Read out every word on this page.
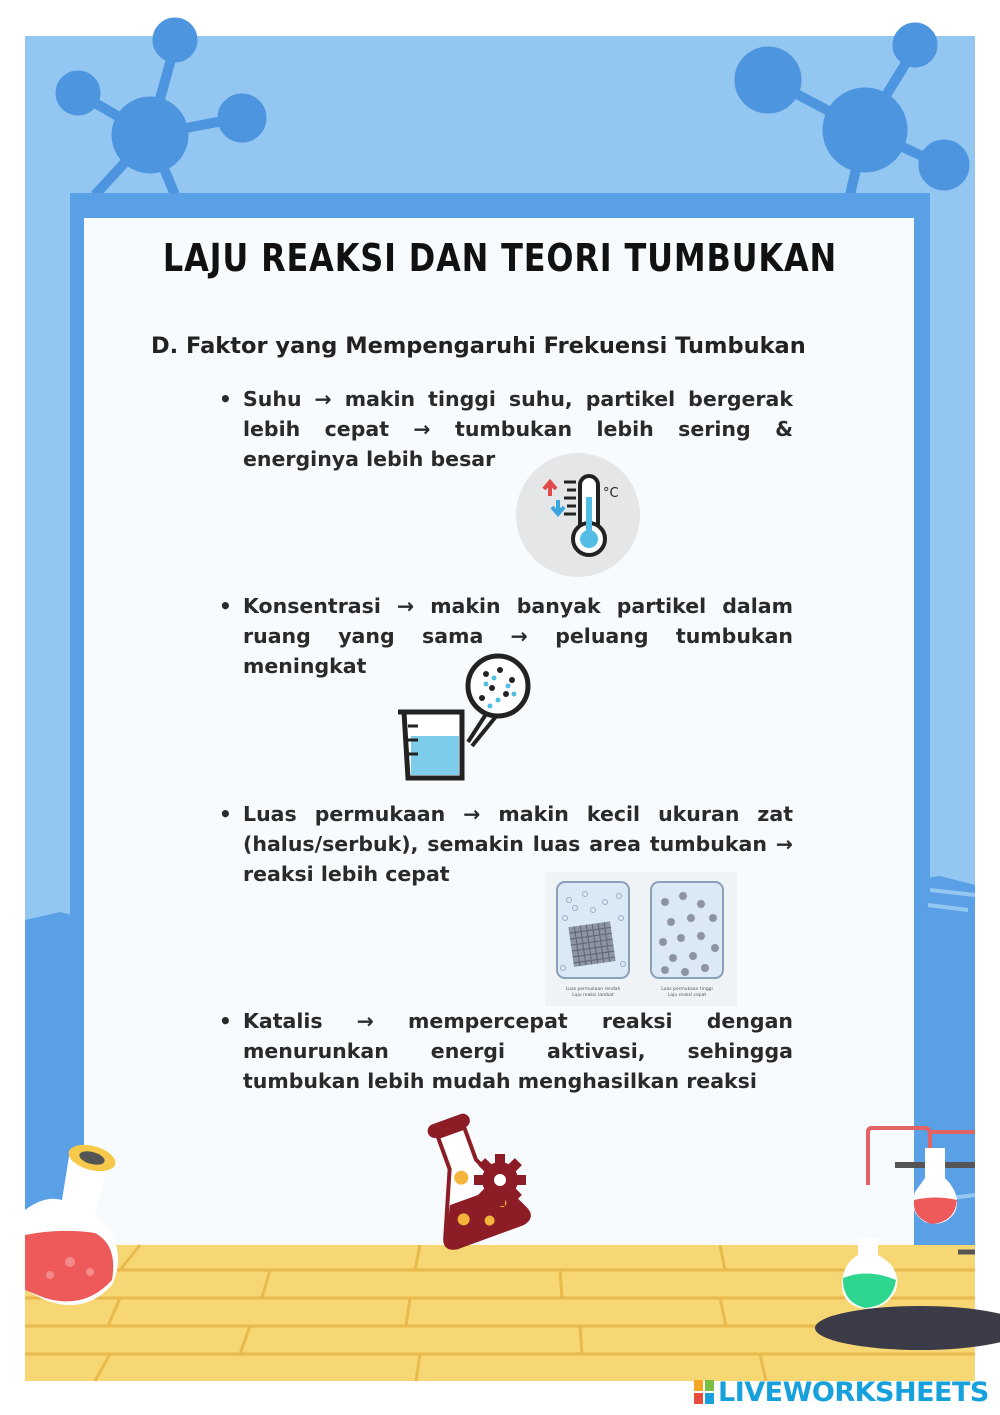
LAJU REAKSI DAN TEORI TUMBUKAN
D. Faktor yang Mempengaruhi Frekuensi Tumbukan
• Suhu → makin tinggi suhu, partikel bergerak lebih cepat → tumbukan lebih sering & energinya lebih besar
• Konsentrasi → makin banyak partikel dalam ruang yang sama → peluang tumbukan meningkat
• Luas permukaan → makin kecil ukuran zat (halus/serbuk), semakin luas area tumbukan → reaksi lebih cepat
• Katalis → mempercepat reaksi dengan menurunkan energi aktivasi, sehingga tumbukan lebih mudah menghasilkan reaksi
°C
Luas permukaan rendah
Laju reaksi lambat
Luas permukaan tinggi
Laju reaksi cepat
LIVEWORKSHEETS
